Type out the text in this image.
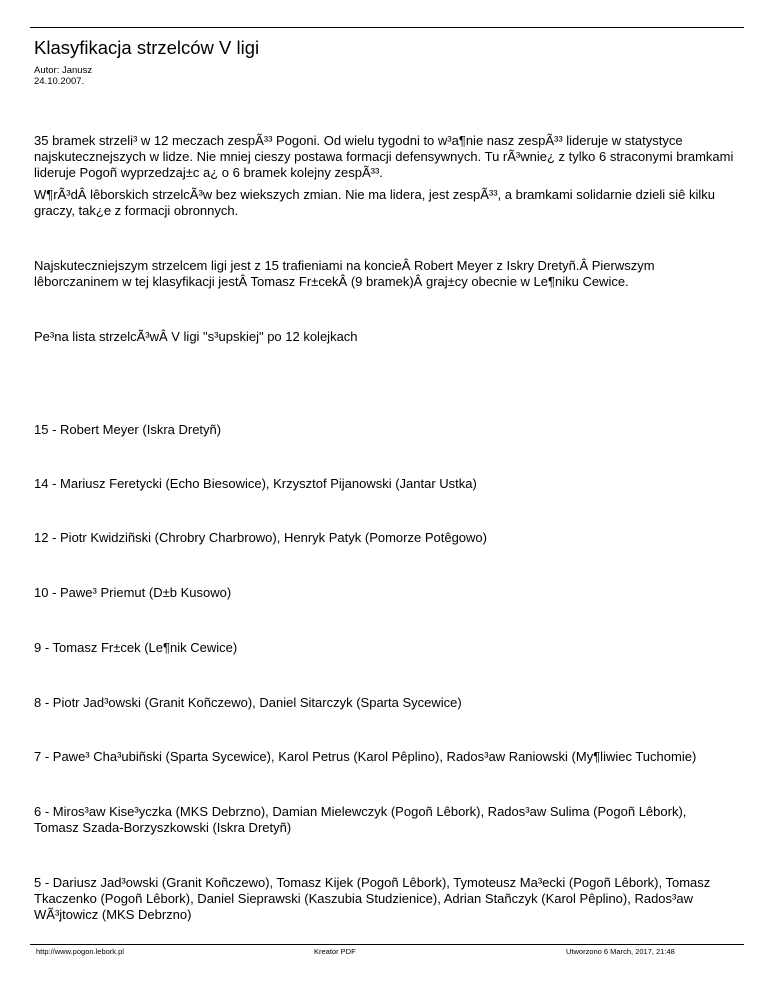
Klasyfikacja strzelców V ligi
Autor: Janusz
24.10.2007.
35 bramek strzeli³ w 12 meczach zespÃ³³ Pogoni. Od wielu tygodni to w³a¶nie nasz zespÃ³³ lideruje w statystyce najskutecznejszych w lidze. Nie mniej cieszy postawa formacji defensywnych. Tu rÃ³wnie¿ z tylko 6 straconymi bramkami lideruje Pogoñ wyprzedzaj±c a¿ o 6 bramek kolejny zespÃ³³.
W¶rÃ³dÂ lêborskich strzelcÃ³w bez wiekszych zmian. Nie ma lidera, jest zespÃ³³, a bramkami solidarnie dzieli siê kilku graczy, tak¿e z formacji obronnych.
Najskuteczniejszym strzelcem ligi jest z 15 trafieniami na koncieÂ Robert Meyer z Iskry Dretyñ.Â Pierwszym lêborczaninem w tej klasyfikacji jestÂ Tomasz Fr±cekÂ (9 bramek)Â graj±cy obecnie w Le¶niku Cewice.
Pe³na lista strzelcÃ³wÂ V ligi "s³upskiej" po 12 kolejkach
15 - Robert Meyer (Iskra Dretyñ)
14 - Mariusz Feretycki (Echo Biesowice), Krzysztof Pijanowski (Jantar Ustka)
12 - Piotr Kwidziñski (Chrobry Charbrowo), Henryk Patyk (Pomorze Potêgowo)
10 - Pawe³ Priemut (D±b Kusowo)
9 - Tomasz Fr±cek (Le¶nik Cewice)
8 - Piotr Jad³owski (Granit Koñczewo), Daniel Sitarczyk (Sparta Sycewice)
7 - Pawe³ Cha³ubiñski (Sparta Sycewice), Karol Petrus (Karol Pêplino), Rados³aw Raniowski (My¶liwiec Tuchomie)
6 - Miros³aw Kise³yczka (MKS Debrzno), Damian Mielewczyk (Pogoñ Lêbork), Rados³aw Sulima (Pogoñ Lêbork), Tomasz Szada-Borzyszkowski (Iskra Dretyñ)
5 - Dariusz Jad³owski (Granit Koñczewo), Tomasz Kijek (Pogoñ Lêbork), Tymoteusz Ma³ecki (Pogoñ Lêbork), Tomasz Tkaczenko (Pogoñ Lêbork), Daniel Sieprawski (Kaszubia Studzienice), Adrian Stañczyk (Karol Pêplino), Rados³aw WÃ³jtowicz (MKS Debrzno)
http://www.pogon.lebork.pl	Kreator PDF	Utworzono 6 March, 2017, 21:48
